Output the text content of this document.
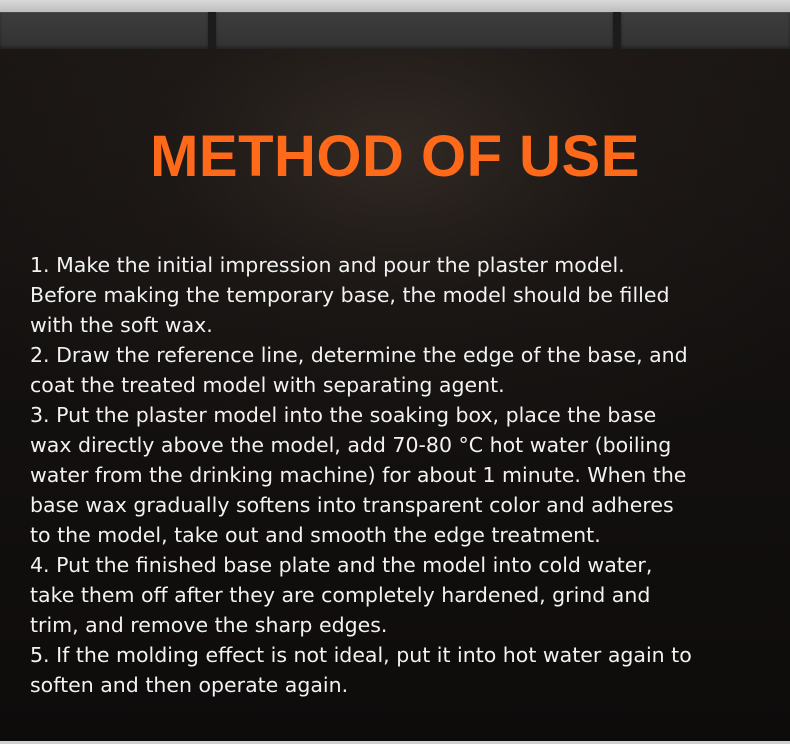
METHOD OF USE
1. Make the initial impression and pour the plaster model.
Before making the temporary base, the model should be filled
with the soft wax.
2. Draw the reference line, determine the edge of the base, and
coat the treated model with separating agent.
3. Put the plaster model into the soaking box, place the base
wax directly above the model, add 70-80 °C hot water (boiling
water from the drinking machine) for about 1 minute. When the
base wax gradually softens into transparent color and adheres
to the model, take out and smooth the edge treatment.
4. Put the finished base plate and the model into cold water,
take them off after they are completely hardened, grind and
trim, and remove the sharp edges.
5. If the molding effect is not ideal, put it into hot water again to
soften and then operate again.
